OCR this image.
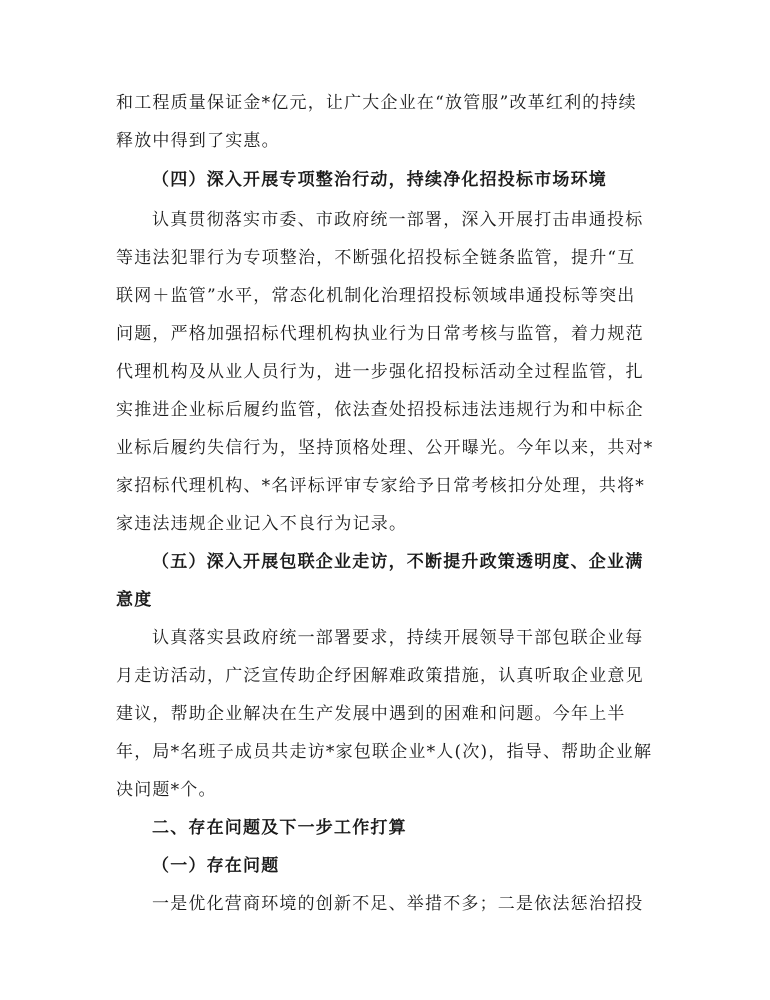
和工程质量保证金*亿元，让广大企业在“放管服”改革红利的持续
释放中得到了实惠。
（四）深入开展专项整治行动，持续净化招投标市场环境
认真贯彻落实市委、市政府统一部署，深入开展打击串通投标
等违法犯罪行为专项整治，不断强化招投标全链条监管，提升“互
联网＋监管”水平，常态化机制化治理招投标领域串通投标等突出
问题，严格加强招标代理机构执业行为日常考核与监管，着力规范
代理机构及从业人员行为，进一步强化招投标活动全过程监管，扎
实推进企业标后履约监管，依法查处招投标违法违规行为和中标企
业标后履约失信行为，坚持顶格处理、公开曝光。今年以来，共对*
家招标代理机构、*名评标评审专家给予日常考核扣分处理，共将*
家违法违规企业记入不良行为记录。
（五）深入开展包联企业走访，不断提升政策透明度、企业满
意度
认真落实县政府统一部署要求，持续开展领导干部包联企业每
月走访活动，广泛宣传助企纾困解难政策措施，认真听取企业意见
建议，帮助企业解决在生产发展中遇到的困难和问题。今年上半
年，局*名班子成员共走访*家包联企业*人(次)，指导、帮助企业解
决问题*个。
二、存在问题及下一步工作打算
（一）存在问题
一是优化营商环境的创新不足、举措不多；二是依法惩治招投
